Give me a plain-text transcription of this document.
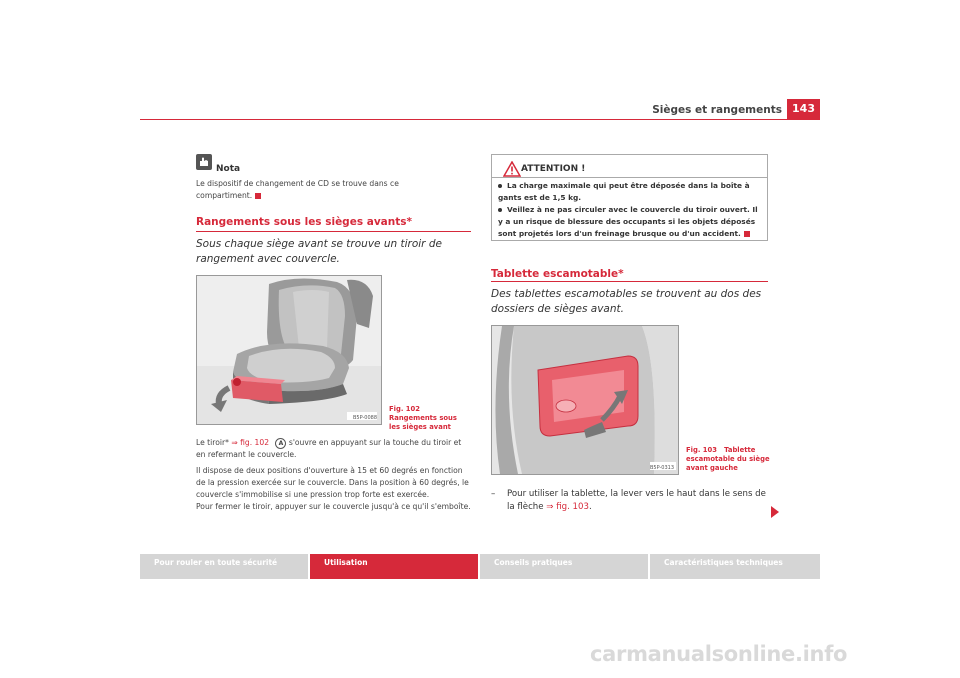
Sièges et rangements 143
Nota
Le dispositif de changement de CD se trouve dans ce compartiment.
Rangements sous les sièges avants*
Sous chaque siège avant se trouve un tiroir de rangement avec couvercle.
B5P-0088
Fig. 102   Rangements sous les sièges avant
Le tiroir* ⇒ fig. 102 A s'ouvre en appuyant sur la touche du tiroir et en refermant le couvercle.
Il dispose de deux positions d'ouverture à 15 et 60 degrés en fonction de la pression exercée sur le couvercle. Dans la position à 60 degrés, le couvercle s'immobilise si une pression trop forte est exercée.
Pour fermer le tiroir, appuyer sur le couvercle jusqu'à ce qu'il s'emboîte.
ATTENTION !
La charge maximale qui peut être déposée dans la boîte à gants est de 1,5 kg.
Veillez à ne pas circuler avec le couvercle du tiroir ouvert. Il y a un risque de blessure des occupants si les objets déposés sont projetés lors d'un freinage brusque ou d'un accident.
Tablette escamotable*
Des tablettes escamotables se trouvent au dos des dossiers de sièges avant.
B5P-0313
Fig. 103 Tablette escamotable du siège avant gauche
– Pour utiliser la tablette, la lever vers le haut dans le sens de la flèche ⇒ fig. 103.
Pour rouler en toute sécurité	Utilisation	Conseils pratiques	Caractéristiques techniques
carmanualsonline.info
